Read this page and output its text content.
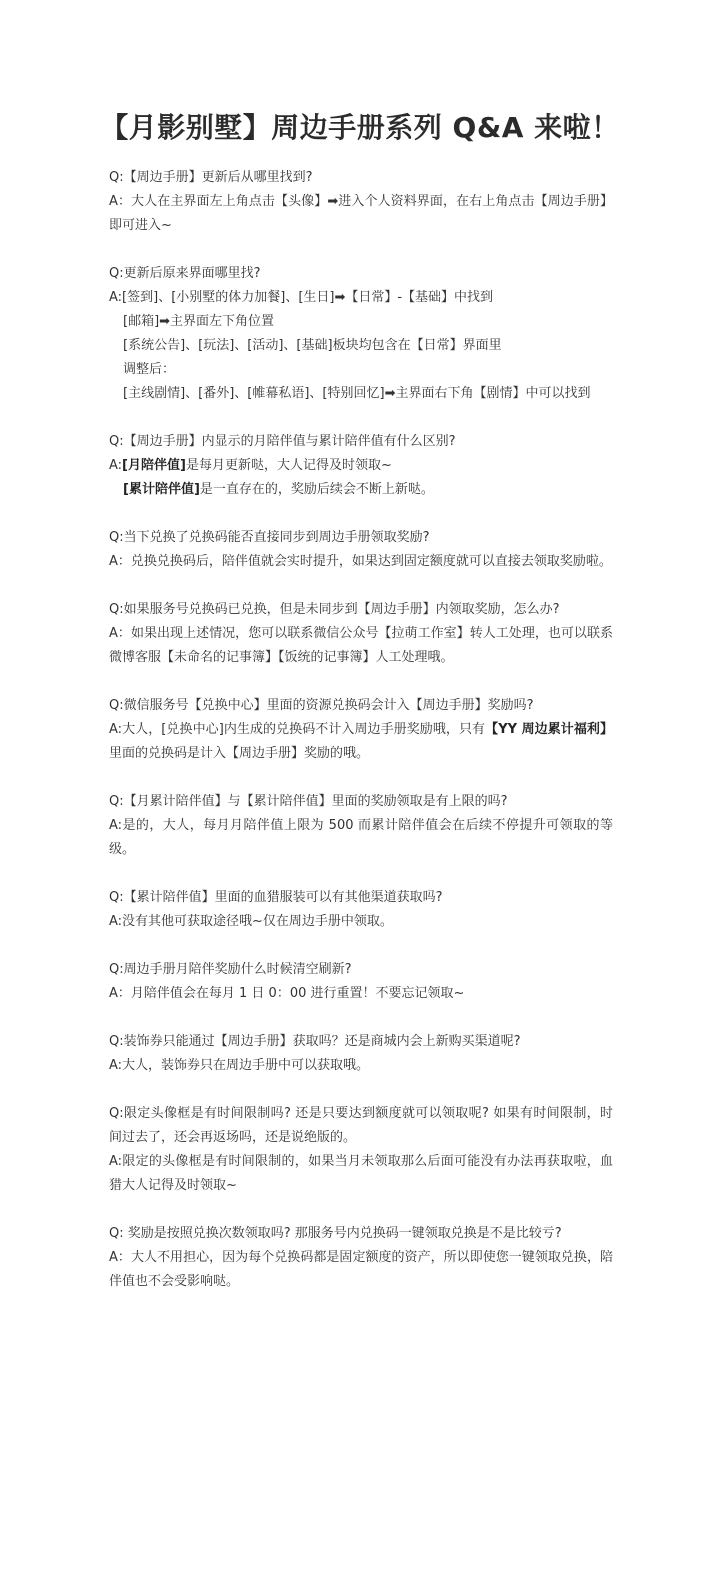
【月影别墅】周边手册系列 Q&A 来啦！
Q:【周边手册】更新后从哪里找到?
A：大人在主界面左上角点击【头像】➡进入个人资料界面，在右上角点击【周边手册】即可进入~
Q:更新后原来界面哪里找?
A:[签到]、[小别墅的体力加餐]、[生日]➡【日常】-【基础】中找到
[邮箱]➡主界面左下角位置
[系统公告]、[玩法]、[活动]、[基础]板块均包含在【日常】界面里
调整后：
[主线剧情]、[番外]、[帷幕私语]、[特别回忆]➡主界面右下角【剧情】中可以找到
Q:【周边手册】内显示的月陪伴值与累计陪伴值有什么区别?
A:[月陪伴值]是每月更新哒，大人记得及时领取~
[累计陪伴值]是一直存在的，奖励后续会不断上新哒。
Q:当下兑换了兑换码能否直接同步到周边手册领取奖励?
A：兑换兑换码后，陪伴值就会实时提升，如果达到固定额度就可以直接去领取奖励啦。
Q:如果服务号兑换码已兑换，但是未同步到【周边手册】内领取奖励，怎么办?
A：如果出现上述情况，您可以联系微信公众号【拉萌工作室】转人工处理，也可以联系微博客服【未命名的记事簿】【饭统的记事簿】人工处理哦。
Q:微信服务号【兑换中心】里面的资源兑换码会计入【周边手册】奖励吗?
A:大人，[兑换中心]内生成的兑换码不计入周边手册奖励哦，只有【YY 周边累计福利】里面的兑换码是计入【周边手册】奖励的哦。
Q:【月累计陪伴值】与【累计陪伴值】里面的奖励领取是有上限的吗?
A:是的，大人，每月月陪伴值上限为 500 而累计陪伴值会在后续不停提升可领取的等级。
Q:【累计陪伴值】里面的血猎服装可以有其他渠道获取吗?
A:没有其他可获取途径哦~仅在周边手册中领取。
Q:周边手册月陪伴奖励什么时候清空刷新?
A：月陪伴值会在每月 1 日 0：00 进行重置！不要忘记领取~
Q:装饰券只能通过【周边手册】获取吗？还是商城内会上新购买渠道呢?
A:大人，装饰券只在周边手册中可以获取哦。
Q:限定头像框是有时间限制吗? 还是只要达到额度就可以领取呢? 如果有时间限制，时间过去了，还会再返场吗，还是说绝版的。
A:限定的头像框是有时间限制的，如果当月未领取那么后面可能没有办法再获取啦，血猎大人记得及时领取~
Q: 奖励是按照兑换次数领取吗? 那服务号内兑换码一键领取兑换是不是比较亏?
A：大人不用担心，因为每个兑换码都是固定额度的资产，所以即使您一键领取兑换，陪伴值也不会受影响哒。
